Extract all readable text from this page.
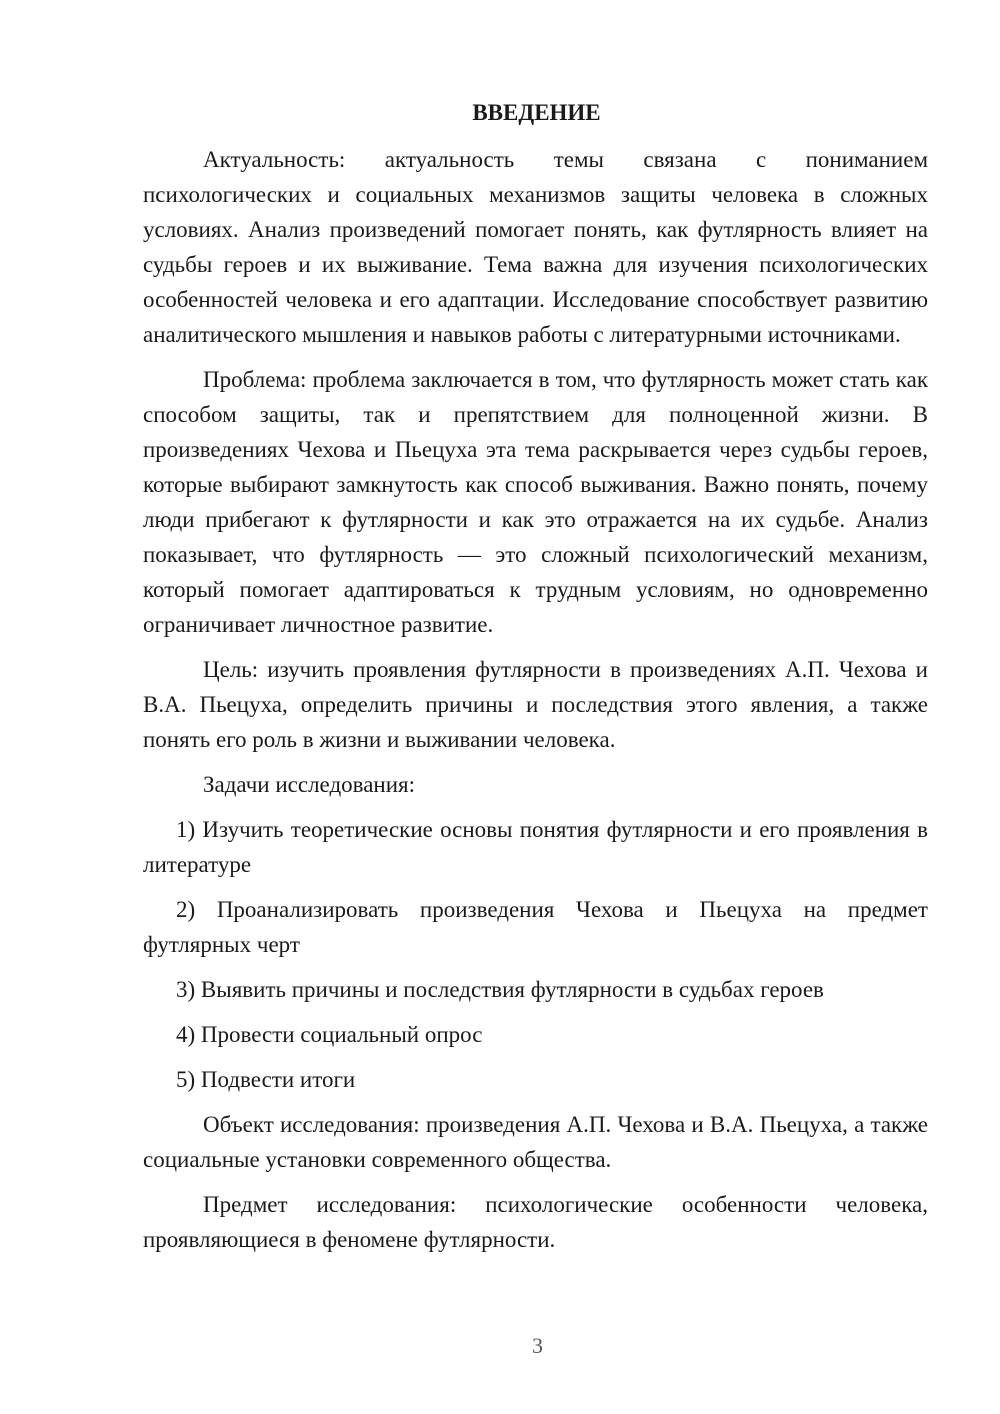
ВВЕДЕНИЕ

Актуальность: актуальность темы связана с пониманием психологических и социальных механизмов защиты человека в сложных условиях. Анализ произведений помогает понять, как футлярность влияет на судьбы героев и их выживание. Тема важна для изучения психологических особенностей человека и его адаптации. Исследование способствует развитию аналитического мышления и навыков работы с литературными источниками.

Проблема: проблема заключается в том, что футлярность может стать как способом защиты, так и препятствием для полноценной жизни. В произведениях Чехова и Пьецуха эта тема раскрывается через судьбы героев, которые выбирают замкнутость как способ выживания. Важно понять, почему люди прибегают к футлярности и как это отражается на их судьбе. Анализ показывает, что футлярность — это сложный психологический механизм, который помогает адаптироваться к трудным условиям, но одновременно ограничивает личностное развитие.

Цель: изучить проявления футлярности в произведениях А.П. Чехова и В.А. Пьецуха, определить причины и последствия этого явления, а также понять его роль в жизни и выживании человека.

Задачи исследования:

1) Изучить теоретические основы понятия футлярности и его проявления в литературе

2) Проанализировать произведения Чехова и Пьецуха на предмет футлярных черт

3) Выявить причины и последствия футлярности в судьбах героев

4) Провести социальный опрос

5) Подвести итоги

Объект исследования: произведения А.П. Чехова и В.А. Пьецуха, а также социальные установки современного общества.

Предмет исследования: психологические особенности человека, проявляющиеся в феномене футлярности.

3
